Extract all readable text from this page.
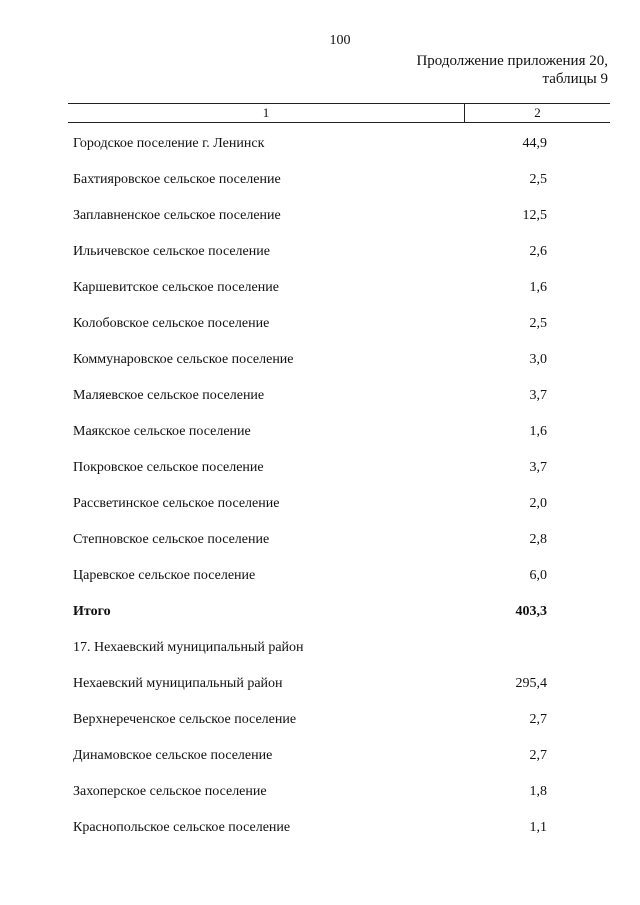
100
Продолжение приложения 20,
таблицы 9
1	2
Городское поселение г. Ленинск	44,9
Бахтияровское сельское поселение	2,5
Заплавненское сельское поселение	12,5
Ильичевское сельское поселение	2,6
Каршевитское сельское поселение	1,6
Колобовское сельское поселение	2,5
Коммунаровское сельское поселение	3,0
Маляевское сельское поселение	3,7
Маякское сельское поселение	1,6
Покровское сельское поселение	3,7
Рассветинское сельское поселение	2,0
Степновское сельское поселение	2,8
Царевское сельское поселение	6,0
Итого	403,3
17. Нехаевский муниципальный район
Нехаевский муниципальный район	295,4
Верхнереченское сельское поселение	2,7
Динамовское сельское поселение	2,7
Захоперское сельское поселение	1,8
Краснопольское сельское поселение	1,1
